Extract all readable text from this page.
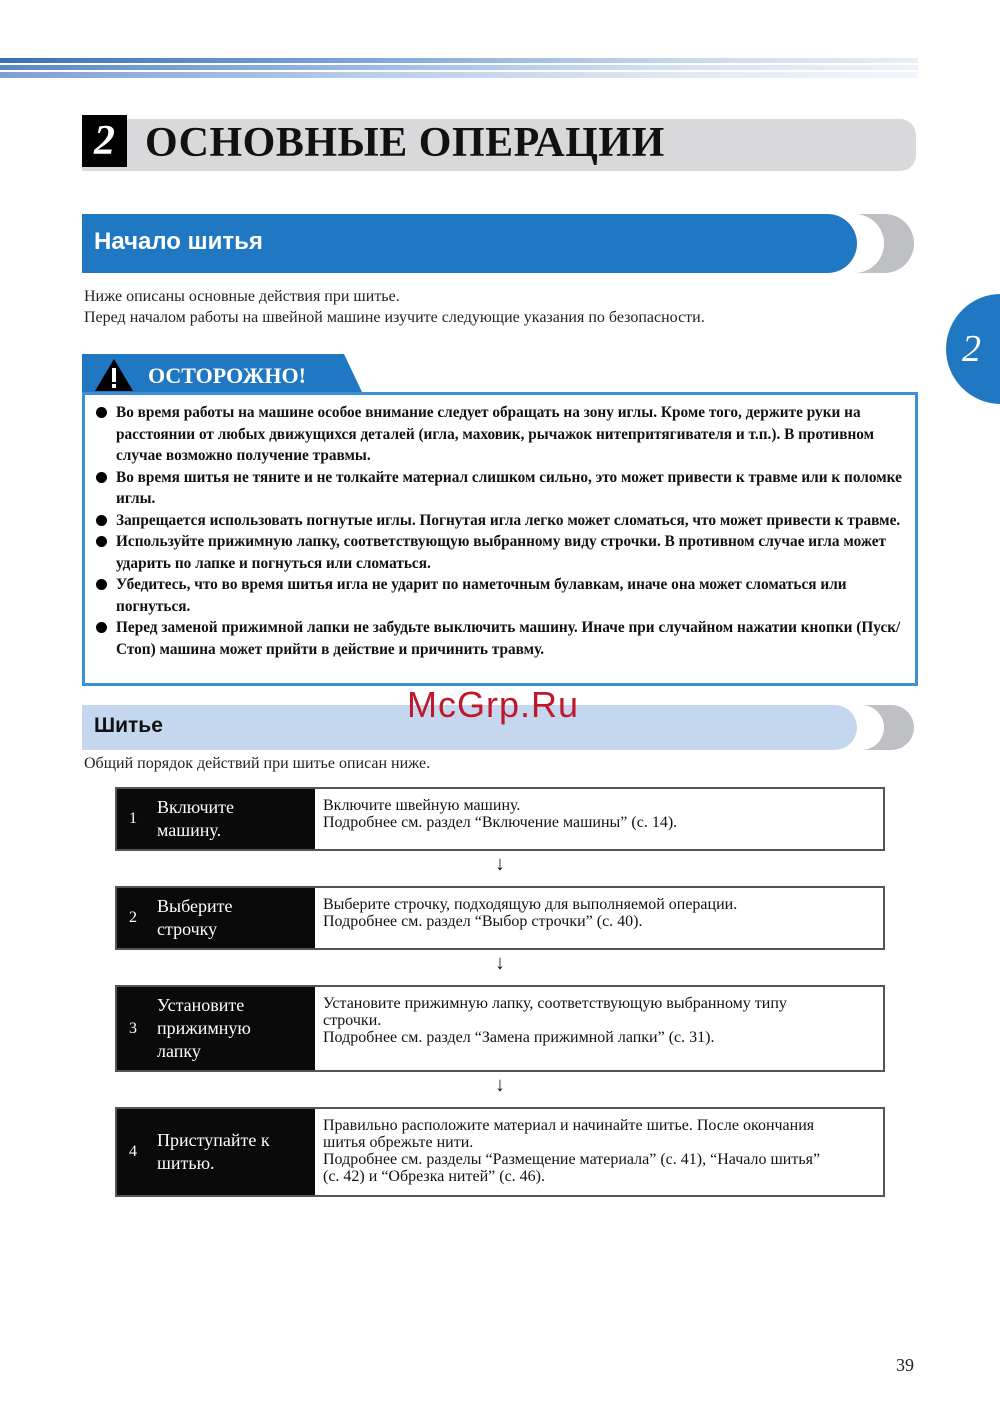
2 ОСНОВНЫЕ ОПЕРАЦИИ
2
Начало шитья
Ниже описаны основные действия при шитье.
Перед началом работы на швейной машине изучите следующие указания по безопасности.
ОСТОРОЖНО!
Во время работы на машине особое внимание следует обращать на зону иглы. Кроме того, держите руки на расстоянии от любых движущихся деталей (игла, маховик, рычажок нитепритягивателя и т.п.). В противном случае возможно получение травмы.
Во время шитья не тяните и не толкайте материал слишком сильно, это может привести к травме или к поломке иглы.
Запрещается использовать погнутые иглы. Погнутая игла легко может сломаться, что может привести к травме.
Используйте прижимную лапку, соответствующую выбранному виду строчки. В противном случае игла может ударить по лапке и погнуться или сломаться.
Убедитесь, что во время шитья игла не ударит по наметочным булавкам, иначе она может сломаться или погнуться.
Перед заменой прижимной лапки не забудьте выключить машину. Иначе при случайном нажатии кнопки (Пуск/Стоп) машина может прийти в действие и причинить травму.
Шитье
McGrp.Ru
Общий порядок действий при шитье описан ниже.
1
Включите
машину.
Включите швейную машину.
Подробнее см. раздел “Включение машины” (с. 14).
↓
2
Выберите
строчку
Выберите строчку, подходящую для выполняемой операции.
Подробнее см. раздел “Выбор строчки” (с. 40).
↓
3
Установите
прижимную
лапку
Установите прижимную лапку, соответствующую выбранному типу
строчки.
Подробнее см. раздел “Замена прижимной лапки” (с. 31).
↓
4
Приступайте к
шитью.
Правильно расположите материал и начинайте шитье. После окончания
шитья обрежьте нити.
Подробнее см. разделы “Размещение материала” (с. 41), “Начало шитья”
(с. 42) и “Обрезка нитей” (с. 46).
39
